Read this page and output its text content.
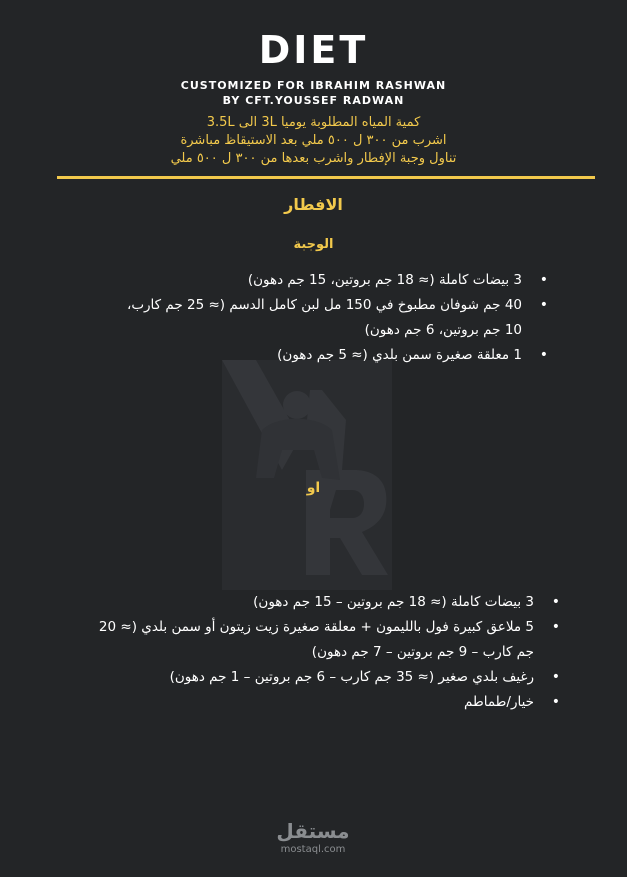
DIET
CUSTOMIZED FOR IBRAHIM RASHWAN
BY CFT.YOUSSEF RADWAN
كمية المياه المطلوبة يوميا 3L الى 3.5L
اشرب من ٣٠٠ ل ٥٠٠ ملي بعد الاستيقاظ مباشرة
تناول وجبة الإفطار واشرب بعدها من ٣٠٠ ل ٥٠٠ ملي
الافطار
الوجبة
• 3 بيضات كاملة (≈ 18 جم بروتين، 15 جم دهون)
• 40 جم شوفان مطبوخ في 150 مل لبن كامل الدسم (≈ 25 جم كارب، 10 جم بروتين، 6 جم دهون)
• 1 معلقة صغيرة سمن بلدي (≈ 5 جم دهون)
او
• 3 بيضات كاملة (≈ 18 جم بروتين – 15 جم دهون)
• 5 ملاعق كبيرة فول بالليمون + معلقة صغيرة زيت زيتون أو سمن بلدي (≈ 20 جم كارب – 9 جم بروتين – 7 جم دهون)
• رغيف بلدي صغير (≈ 35 جم كارب – 6 جم بروتين – 1 جم دهون)
• خيار/طماطم
مستقل
mostaql.com
